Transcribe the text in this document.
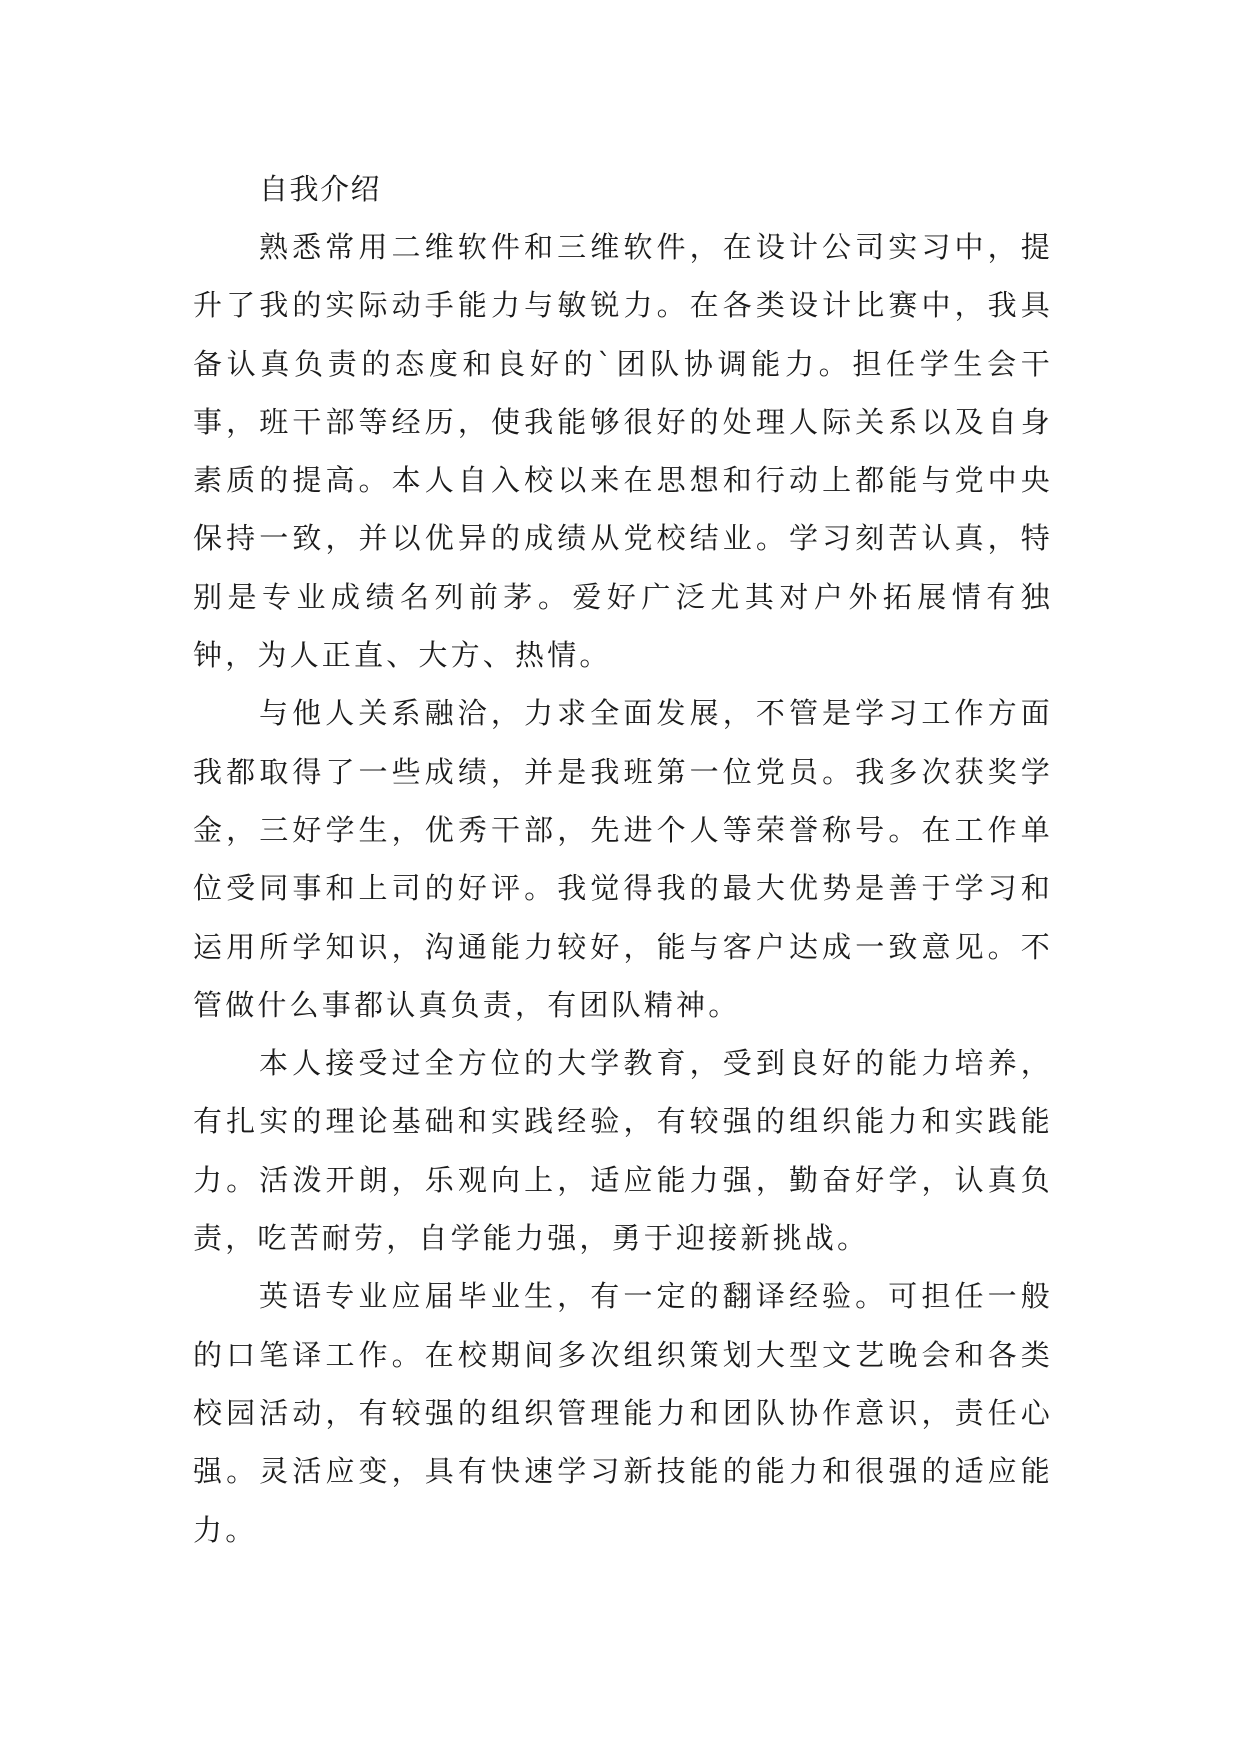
自我介绍

熟悉常用二维软件和三维软件，在设计公司实习中，提升了我的实际动手能力与敏锐力。在各类设计比赛中，我具备认真负责的态度和良好的`团队协调能力。担任学生会干事，班干部等经历，使我能够很好的处理人际关系以及自身素质的提高。本人自入校以来在思想和行动上都能与党中央保持一致，并以优异的成绩从党校结业。学习刻苦认真，特别是专业成绩名列前茅。爱好广泛尤其对户外拓展情有独钟，为人正直、大方、热情。

与他人关系融洽，力求全面发展，不管是学习工作方面我都取得了一些成绩，并是我班第一位党员。我多次获奖学金，三好学生，优秀干部，先进个人等荣誉称号。在工作单位受同事和上司的好评。我觉得我的最大优势是善于学习和运用所学知识，沟通能力较好，能与客户达成一致意见。不管做什么事都认真负责，有团队精神。

本人接受过全方位的大学教育，受到良好的能力培养，有扎实的理论基础和实践经验，有较强的组织能力和实践能力。活泼开朗，乐观向上，适应能力强，勤奋好学，认真负责，吃苦耐劳，自学能力强，勇于迎接新挑战。

英语专业应届毕业生，有一定的翻译经验。可担任一般的口笔译工作。在校期间多次组织策划大型文艺晚会和各类校园活动，有较强的组织管理能力和团队协作意识，责任心强。灵活应变，具有快速学习新技能的能力和很强的适应能力。
